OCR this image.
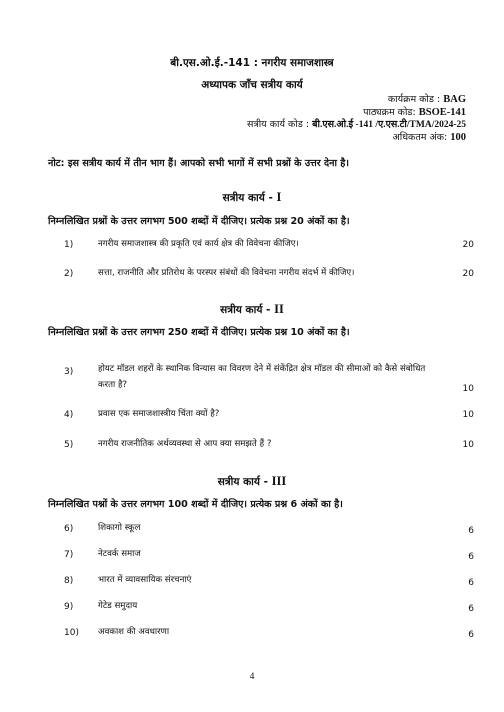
बी.एस.ओ.ई.-141 : नगरीय समाजशास्त्र
अध्यापक जाँच सत्रीय कार्य
कार्यक्रम कोड : BAG
पाठ्यक्रम कोड: BSOE-141
सत्रीय कार्य कोड : बी.एस.ओ.ई -141 /ए.एस.टी/TMA/2024-25
अधिकतम अंक: 100
नोट: इस सत्रीय कार्य में तीन भाग हैं। आपको सभी भागों में सभी प्रश्नों के उत्तर देना है।
सत्रीय कार्य - I
निम्नलिखित प्रश्नों के उत्तर लगभग 500 शब्दों में दीजिए। प्रत्येक प्रश्न 20 अंकों का है।
1)	नगरीय समाजशास्त्र की प्रकृति एवं कार्य क्षेत्र की विवेचना कीजिए।	20
2)	सत्ता, राजनीति और प्रतिरोध के परस्पर संबंधों की विवेचना नगरीय संदर्भ में कीजिए।	20
सत्रीय कार्य - II
निम्नलिखित प्रश्नों के उत्तर लगभग 250 शब्दों में दीजिए। प्रत्येक प्रश्न 10 अंकों का है।
3)	होयट मॉडल शहरों के स्थानिक विन्यास का विवरण देने में संकेंद्रित क्षेत्र मॉडल की सीमाओं को कैसे संबोधित करता है?	10
4)	प्रवास एक समाजशास्त्रीय चिंता क्यों है?	10
5)	नगरीय राजनीतिक अर्थव्यवस्था से आप क्या समझते हैं ?	10
सत्रीय कार्य - III
निम्नलिखित पश्नों के उत्तर लगभग 100 शब्दों में दीजिए। प्रत्येक प्रश्न 6 अंकों का है।
6)	शिकागो स्कूल	6
7)	नेटवर्क समाज	6
8)	भारत में व्यावसायिक संरचनाएं	6
9)	गेटेड समुदाय	6
10) अवकाश की अवधारणा	6
4
